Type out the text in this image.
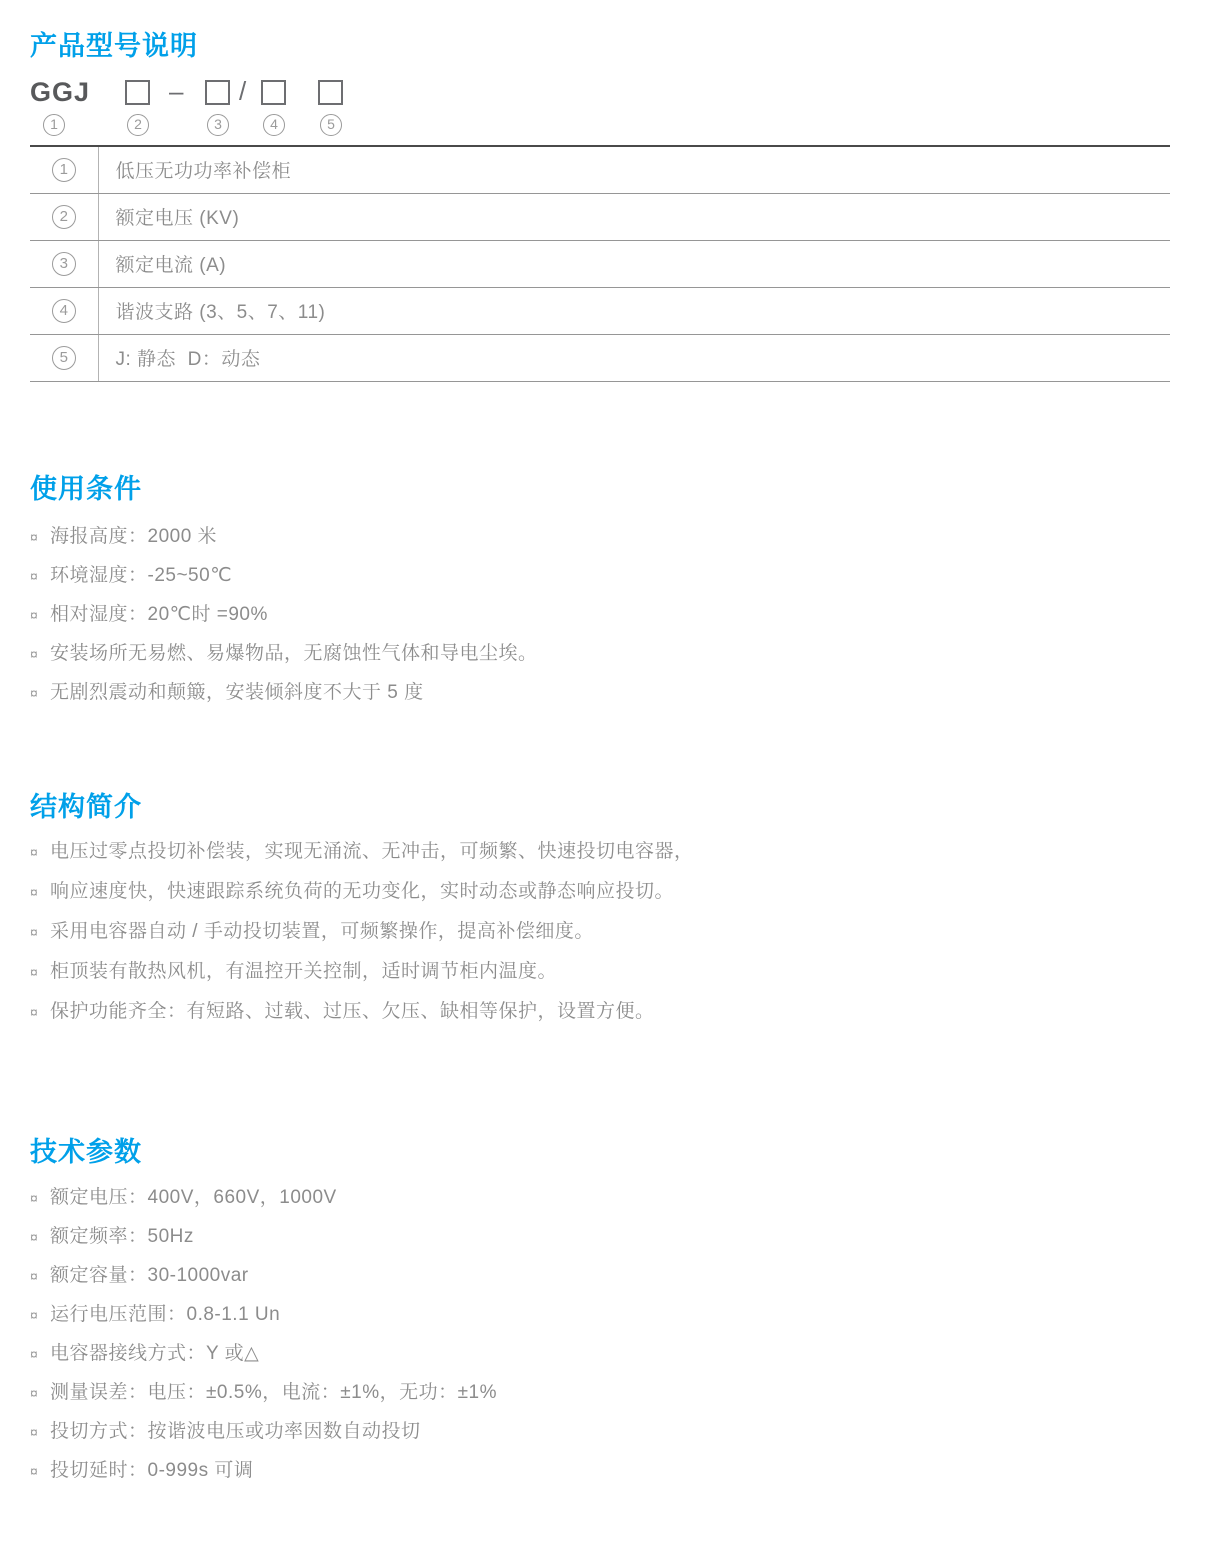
产品型号说明
GGJ	– /
1	2	3	4	5
1	低压无功功率补偿柜
2	额定电压 (KV)
3	额定电流 (A)
4	谐波支路 (3、5、7、11)
5	J: 静态  D：动态
使用条件
¤ 海报高度：2000 米
¤ 环境湿度：-25~50℃
¤ 相对湿度：20℃时 =90%
¤ 安装场所无易燃、易爆物品，无腐蚀性气体和导电尘埃。
¤ 无剧烈震动和颠簸，安装倾斜度不大于 5 度
结构简介
¤ 电压过零点投切补偿装，实现无涌流、无冲击，可频繁、快速投切电容器，
¤ 响应速度快，快速跟踪系统负荷的无功变化，实时动态或静态响应投切。
¤ 采用电容器自动 / 手动投切装置，可频繁操作，提高补偿细度。
¤ 柜顶装有散热风机，有温控开关控制，适时调节柜内温度。
¤ 保护功能齐全：有短路、过载、过压、欠压、缺相等保护，设置方便。
技术参数
¤ 额定电压：400V，660V，1000V
¤ 额定频率：50Hz
¤ 额定容量：30-1000var
¤ 运行电压范围：0.8-1.1 Un
¤ 电容器接线方式：Y 或△
¤ 测量误差：电压：±0.5%，电流：±1%，无功：±1%
¤ 投切方式：按谐波电压或功率因数自动投切
¤ 投切延时：0-999s 可调
